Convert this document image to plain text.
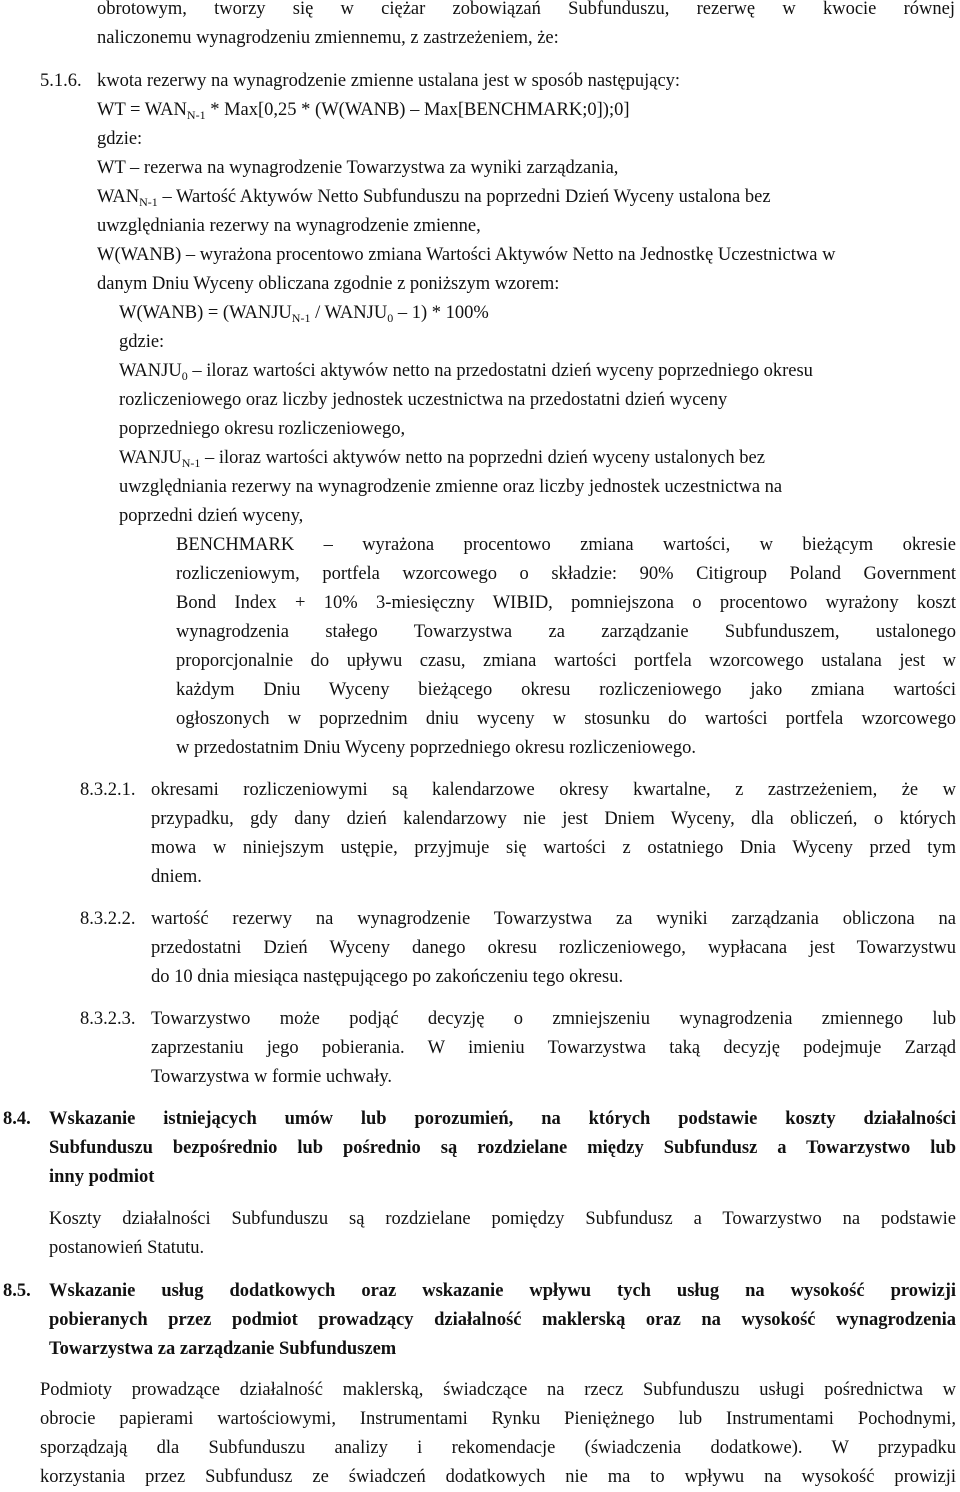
obrotowym, tworzy się w ciężar zobowiązań Subfunduszu, rezerwę w kwocie równej
naliczonemu wynagrodzeniu zmiennemu, z zastrzeżeniem, że:
5.1.6. kwota rezerwy na wynagrodzenie zmienne ustalana jest w sposób następujący:
WT = $WAN_{N-1} * Max[0,25$ * (W(WANB) – Max[BENCHMARK;0]);0]
gdzie:
WT – rezerwa na wynagrodzenie Towarzystwa za wyniki zarządzania,
$WAN_{N-1}$ – Wartość Aktywów Netto Subfunduszu na poprzedni Dzień Wyceny ustalona bez
uwzględniania rezerwy na wynagrodzenie zmienne,
W(WANB) – wyrażona procentowo zmiana Wartości Aktywów Netto na Jednostkę Uczestnictwa w
danym Dniu Wyceny obliczana zgodnie z poniższym wzorem:
W(WANB) = ($WANJU_{N-1}$ / $WANJU_0 - 1) * 100\%$
gdzie:
$WANJU_0$ – iloraz wartości aktywów netto na przedostatni dzień wyceny poprzedniego okresu
rozliczeniowego oraz liczby jednostek uczestnictwa na przedostatni dzień wyceny
poprzedniego okresu rozliczeniowego,
$WANJU_{N-1}$ – iloraz wartości aktywów netto na poprzedni dzień wyceny ustalonych bez
uwzględniania rezerwy na wynagrodzenie zmienne oraz liczby jednostek uczestnictwa na
poprzedni dzień wyceny,
BENCHMARK – wyrażona procentowo zmiana wartości, w bieżącym okresie
rozliczeniowym, portfela wzorcowego o składzie: 90% Citigroup Poland Government
Bond Index + 10% 3-miesięczny WIBID, pomniejszona o procentowo wyrażony koszt
wynagrodzenia stałego Towarzystwa za zarządzanie Subfunduszem, ustalonego
proporcjonalnie do upływu czasu, zmiana wartości portfela wzorcowego ustalana jest w
każdym Dniu Wyceny bieżącego okresu rozliczeniowego jako zmiana wartości
ogłoszonych w poprzednim dniu wyceny w stosunku do wartości portfela wzorcowego
w przedostatnim Dniu Wyceny poprzedniego okresu rozliczeniowego.
8.3.2.1. okresami rozliczeniowymi są kalendarzowe okresy kwartalne, z zastrzeżeniem, że w
przypadku, gdy dany dzień kalendarzowy nie jest Dniem Wyceny, dla obliczeń, o których
mowa w niniejszym ustępie, przyjmuje się wartości z ostatniego Dnia Wyceny przed tym
dniem.
8.3.2.2. wartość rezerwy na wynagrodzenie Towarzystwa za wyniki zarządzania obliczona na
przedostatni Dzień Wyceny danego okresu rozliczeniowego, wypłacana jest Towarzystwu
do 10 dnia miesiąca następującego po zakończeniu tego okresu.
8.3.2.3. Towarzystwo może podjąć decyzję o zmniejszeniu wynagrodzenia zmiennego lub
zaprzestaniu jego pobierania. W imieniu Towarzystwa taką decyzję podejmuje Zarząd
Towarzystwa w formie uchwały.
8.4. Wskazanie istniejących umów lub porozumień, na których podstawie koszty działalności
Subfunduszu bezpośrednio lub pośrednio są rozdzielane między Subfundusz a Towarzystwo lub
inny podmiot
Koszty działalności Subfunduszu są rozdzielane pomiędzy Subfundusz a Towarzystwo na podstawie
postanowień Statutu.
8.5. Wskazanie usług dodatkowych oraz wskazanie wpływu tych usług na wysokość prowizji
pobieranych przez podmiot prowadzący działalność maklerską oraz na wysokość wynagrodzenia
Towarzystwa za zarządzanie Subfunduszem
Podmioty prowadzące działalność maklerską, świadczące na rzecz Subfunduszu usługi pośrednictwa w
obrocie papierami wartościowymi, Instrumentami Rynku Pieniężnego lub Instrumentami Pochodnymi,
sporządzają dla Subfunduszu analizy i rekomendacje (świadczenia dodatkowe). W przypadku
korzystania przez Subfundusz ze świadczeń dodatkowych nie ma to wpływu na wysokość prowizji
